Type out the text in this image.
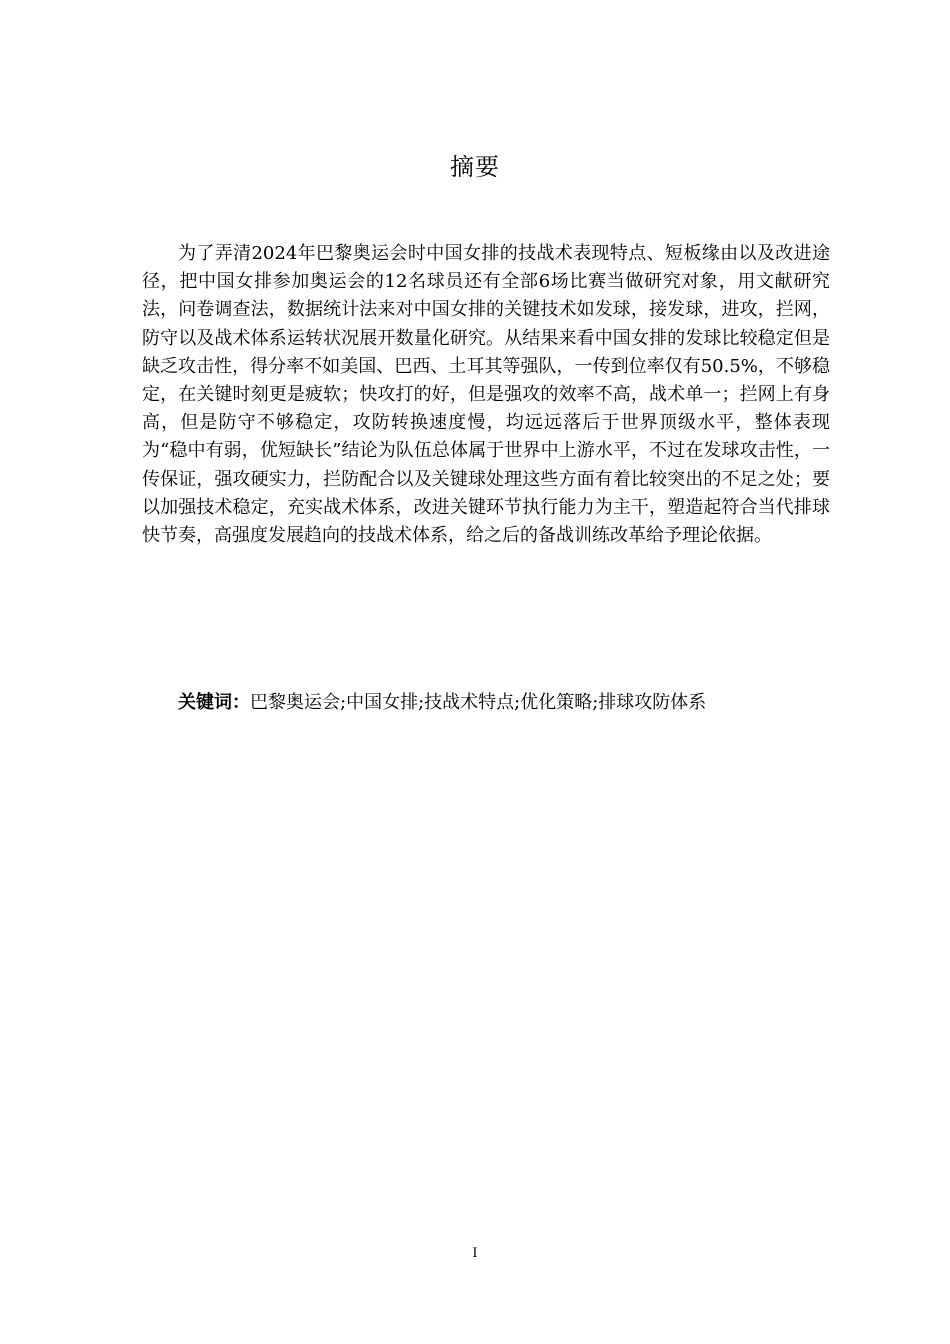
摘要

为了弄清2024年巴黎奥运会时中国女排的技战术表现特点、短板缘由以及改进途径，把中国女排参加奥运会的12名球员还有全部6场比赛当做研究对象，用文献研究法，问卷调查法，数据统计法来对中国女排的关键技术如发球，接发球，进攻，拦网，防守以及战术体系运转状况展开数量化研究。从结果来看中国女排的发球比较稳定但是缺乏攻击性，得分率不如美国、巴西、土耳其等强队，一传到位率仅有50.5%，不够稳定，在关键时刻更是疲软；快攻打的好，但是强攻的效率不高，战术单一；拦网上有身高，但是防守不够稳定，攻防转换速度慢，均远远落后于世界顶级水平，整体表现为“稳中有弱，优短缺长”结论为队伍总体属于世界中上游水平，不过在发球攻击性，一传保证，强攻硬实力，拦防配合以及关键球处理这些方面有着比较突出的不足之处；要以加强技术稳定，充实战术体系，改进关键环节执行能力为主干，塑造起符合当代排球快节奏，高强度发展趋向的技战术体系，给之后的备战训练改革给予理论依据。

关键词：巴黎奥运会;中国女排;技战术特点;优化策略;排球攻防体系

I
